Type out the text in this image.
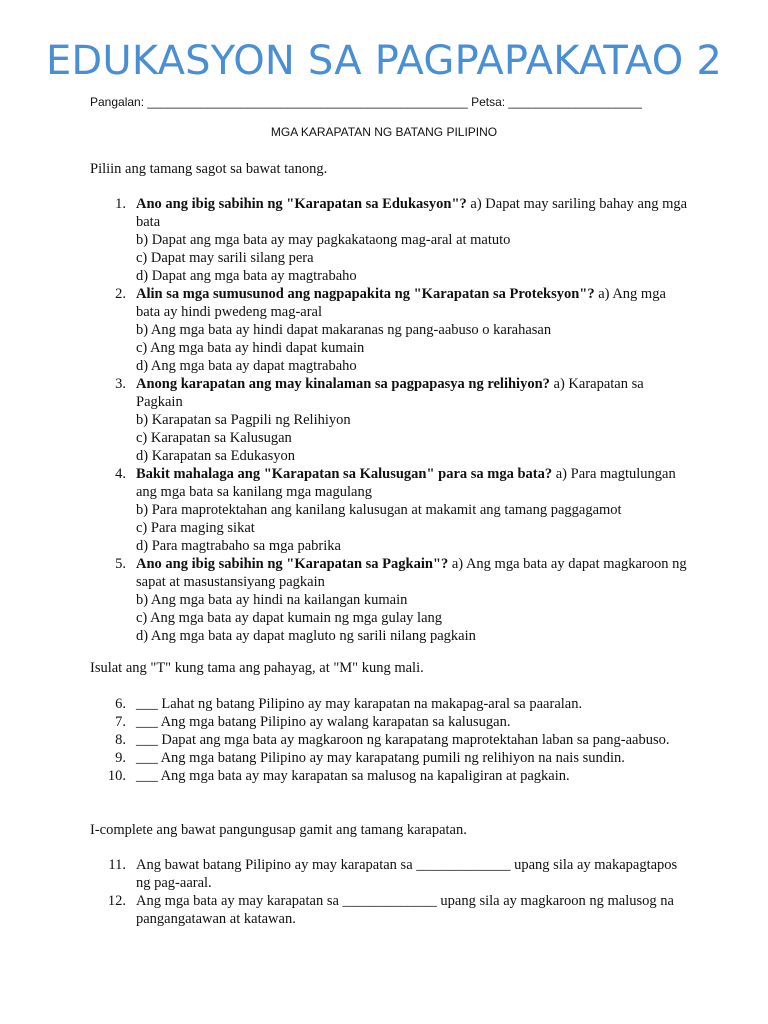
EDUKASYON SA PAGPAPAKATAO 2
Pangalan: ________________________________________________ Petsa: ____________________
MGA KARAPATAN NG BATANG PILIPINO
Piliin ang tamang sagot sa bawat tanong.
1. Ano ang ibig sabihin ng "Karapatan sa Edukasyon"? a) Dapat may sariling bahay ang mga bata
b) Dapat ang mga bata ay may pagkakataong mag-aral at matuto
c) Dapat may sarili silang pera
d) Dapat ang mga bata ay magtrabaho
2. Alin sa mga sumusunod ang nagpapakita ng "Karapatan sa Proteksyon"? a) Ang mga bata ay hindi pwedeng mag-aral
b) Ang mga bata ay hindi dapat makaranas ng pang-aabuso o karahasan
c) Ang mga bata ay hindi dapat kumain
d) Ang mga bata ay dapat magtrabaho
3. Anong karapatan ang may kinalaman sa pagpapasya ng relihiyon? a) Karapatan sa Pagkain
b) Karapatan sa Pagpili ng Relihiyon
c) Karapatan sa Kalusugan
d) Karapatan sa Edukasyon
4. Bakit mahalaga ang "Karapatan sa Kalusugan" para sa mga bata? a) Para magtulungan ang mga bata sa kanilang mga magulang
b) Para maprotektahan ang kanilang kalusugan at makamit ang tamang paggagamot
c) Para maging sikat
d) Para magtrabaho sa mga pabrika
5. Ano ang ibig sabihin ng "Karapatan sa Pagkain"? a) Ang mga bata ay dapat magkaroon ng sapat at masustansiyang pagkain
b) Ang mga bata ay hindi na kailangan kumain
c) Ang mga bata ay dapat kumain ng mga gulay lang
d) Ang mga bata ay dapat magluto ng sarili nilang pagkain
Isulat ang "T" kung tama ang pahayag, at "M" kung mali.
6. ___ Lahat ng batang Pilipino ay may karapatan na makapag-aral sa paaralan.
7. ___ Ang mga batang Pilipino ay walang karapatan sa kalusugan.
8. ___ Dapat ang mga bata ay magkaroon ng karapatang maprotektahan laban sa pang-aabuso.
9. ___ Ang mga batang Pilipino ay may karapatang pumili ng relihiyon na nais sundin.
10. ___ Ang mga bata ay may karapatan sa malusog na kapaligiran at pagkain.
I-complete ang bawat pangungusap gamit ang tamang karapatan.
11. Ang bawat batang Pilipino ay may karapatan sa _____________ upang sila ay makapagtapos ng pag-aaral.
12. Ang mga bata ay may karapatan sa _____________ upang sila ay magkaroon ng malusog na pangangatawan at katawan.
